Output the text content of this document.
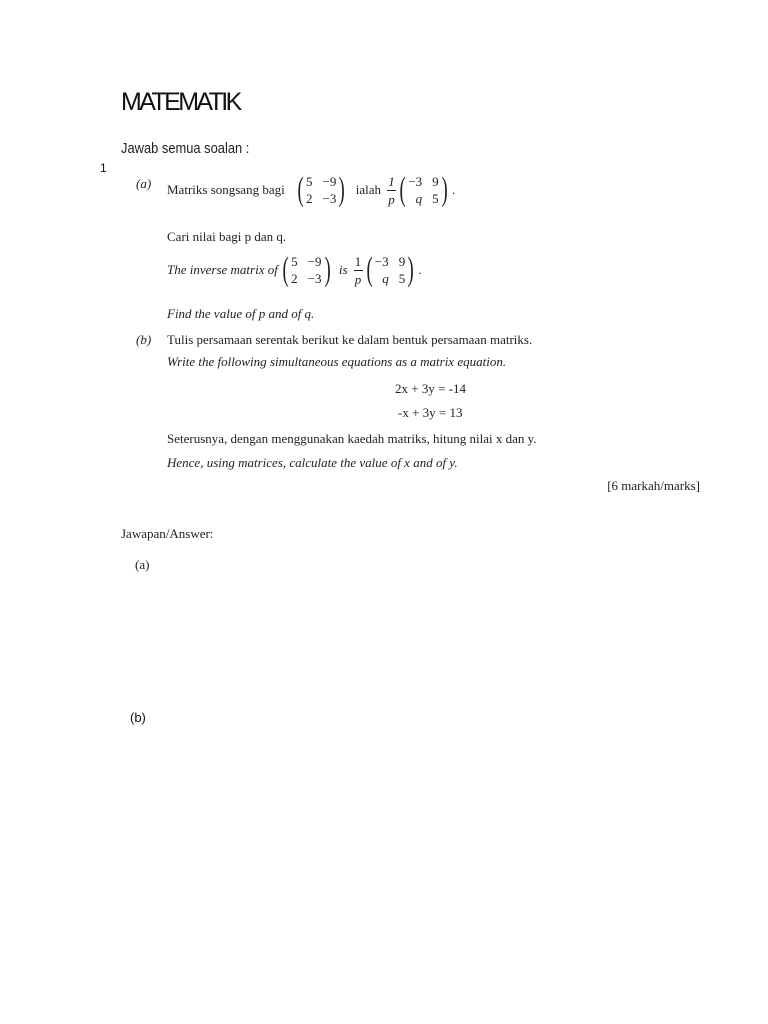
MATEMATIK
Jawab semua soalan :
1
(a) Matriks songsang bagi ( 5 −9
2 −3 ) ialah $\frac{1}{p}$ ( −3 9
q 5 ) .
Cari nilai bagi p dan q.
The inverse matrix of ( 5 −9
2 −3 ) is $\frac{1}{p}$ ( −3 9
q 5 ) .
Find the value of p and of q.
(b) Tulis persamaan serentak berikut ke dalam bentuk persamaan matriks.
Write the following simultaneous equations as a matrix equation.
2x + 3y = -14
-x + 3y = 13
Seterusnya, dengan menggunakan kaedah matriks, hitung nilai x dan y.
Hence, using matrices, calculate the value of x and of y.
[6 markah/marks]
Jawapan/Answer:
(a)
(b)
